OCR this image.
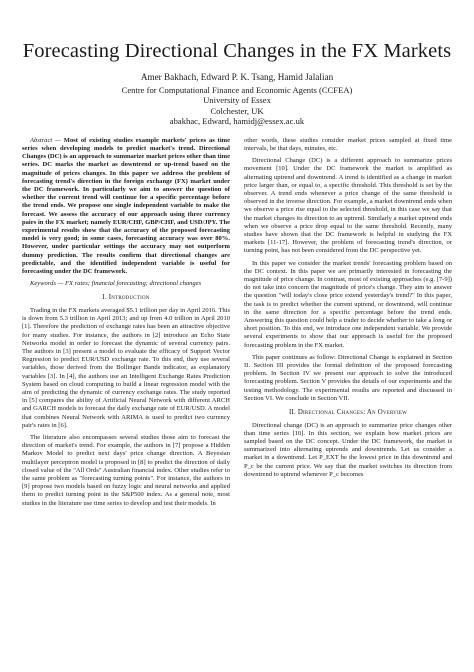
Forecasting Directional Changes in the FX Markets
Amer Bakhach, Edward P. K. Tsang, Hamid Jalalian
Centre for Computational Finance and Economic Agents (CCFEA)
University of Essex
Colchester, UK
abakhac, Edward, hamidj@essex.ac.uk

Abstract — Most of existing studies example markets' prices as time series when developing models to predict market's trend. Directional Changes (DC) is an approach to summarize market prices other than time series. DC marks the market as downtrend or up-trend based on the magnitude of prices changes. In this paper we address the problem of forecasting trend's direction in the foreign exchange (FX) market under the DC framework. In particularly we aim to answer the question of whether the current trend will continue for a specific percentage before the trend ends. We propose one single independent variable to make the forecast. We assess the accuracy of our approach using three currency pairs in the FX market; namely EUR/CHF, GBP/CHF, and USD/JPY. The experimental results show that the accuracy of the proposed forecasting model is very good; in some cases, forecasting accuracy was over 80%. However, under particular settings the accuracy may not outperform dummy prediction. The results confirm that directional changes are predictable, and the identified independent variable is useful for forecasting under the DC framework.

Keywords — FX rates; financial forecasting; directional changes

I. Introduction

Trading in the FX markets averaged $5.1 trillion per day in April 2016. This is down from 5.3 trillion in April 2013; and up from 4.0 trillion in April 2010 [1]. Therefore the prediction of exchange rates has been an attractive objective for many studies. For instance, the authors in [2] introduce an Echo State Networks model in order to forecast the dynamic of several currency pairs. The authors in [3] present a model to evaluate the efficacy of Support Vector Regression to predict EUR/USD exchange rate. To this end, they use several variables, those derived from the Bollinger Bands indicator, as explanatory variables [3]. In [4], the authors use an Intelligent Exchange Rates Prediction System based on cloud computing to build a linear regression model with the aim of predicting the dynamic of currency exchange rates. The study reported in [5] compares the ability of Artificial Neural Network with different ARCH and GARCH models to forecast the daily exchange rate of EUR/USD. A model that combines Neural Network with ARIMA is used to predict two currency pair's rates in [6].

The literature also encompasses several studies those aim to forecast the direction of market's trend. For example, the authors in [7] propose a Hidden Markov Model to predict next days' price change direction. A Beyesian multilayer perceptron model is proposed in [8] to predict the direction of daily closed value of the "All Ords" Australian financial index. Other studies refer to the same problem as "forecasting turning points". For instance, the authors in [9] propose two models based on fuzzy logic and neural networks and applied them to predict turning point in the S&P500 index. As a general note, most studies in the literature use time series to develop and test their models. In

other words, these studies consider market prices sampled at fixed time intervals, be that days, minutes, etc.

Directional Change (DC) is a different approach to summarize prices movement [10]. Under the DC framework the market is amplified as alternating uptrend and downtrend. A trend is identified as a change in market price larger than, or equal to, a specific threshold. This threshold is set by the observer. A trend ends whenever a price change of the same threshold is observed in the inverse direction. For example, a market downtrend ends when we observe a price rise equal to the selected threshold, in this case we say that the market changes its direction to an uptrend. Similarly a market uptrend ends when we observe a price drop equal to the same threshold. Recently, many studies have shown that the DC framework is helpful in studying the FX markets [11-17]. However, the problem of forecasting trend's direction, or turning point, has not been considered from the DC perspective yet.

In this paper we consider the market trends' forecasting problem based on the DC context. In this paper we are primarily interested in forecasting the magnitude of price change. In contrast, most of existing approaches (e.g. [7-9]) do not take into concern the magnitude of price's change. They aim to answer the question "will today's close price extend yesterday's trend?" In this paper, the task is to predict whether the current uptrend, or downtrend, will continue in the same direction for a specific percentage before the trend ends. Answering this question could help a trader to decide whether to take a long or short position. To this end, we introduce one independent variable. We provide several experiments to show that our approach is useful for the proposed forecasting problem in the FX market.

This paper continues as follow: Directional Change is explained in Section II. Section III provides the formal definition of the proposed forecasting problem. In Section IV we present our approach to solve the introduced forecasting problem. Section V provides the details of our experiments and the testing methodology. The experimental results are reported and discussed in Section VI. We conclude in Section VII.

II. Directional Changes: An Overview

Directional change (DC) is an approach to summarize price changes other than time series [10]. In this section, we explain how market prices are sampled based on the DC concept. Under the DC framework, the market is summarized into alternating uptrends and downtrends. Let us consider a market in a downtrend. Let P_EXT be the lowest price in this downtrend and P_c be the current price. We say that the market switches its direction from downtrend to uptrend whenever P_c becomes
